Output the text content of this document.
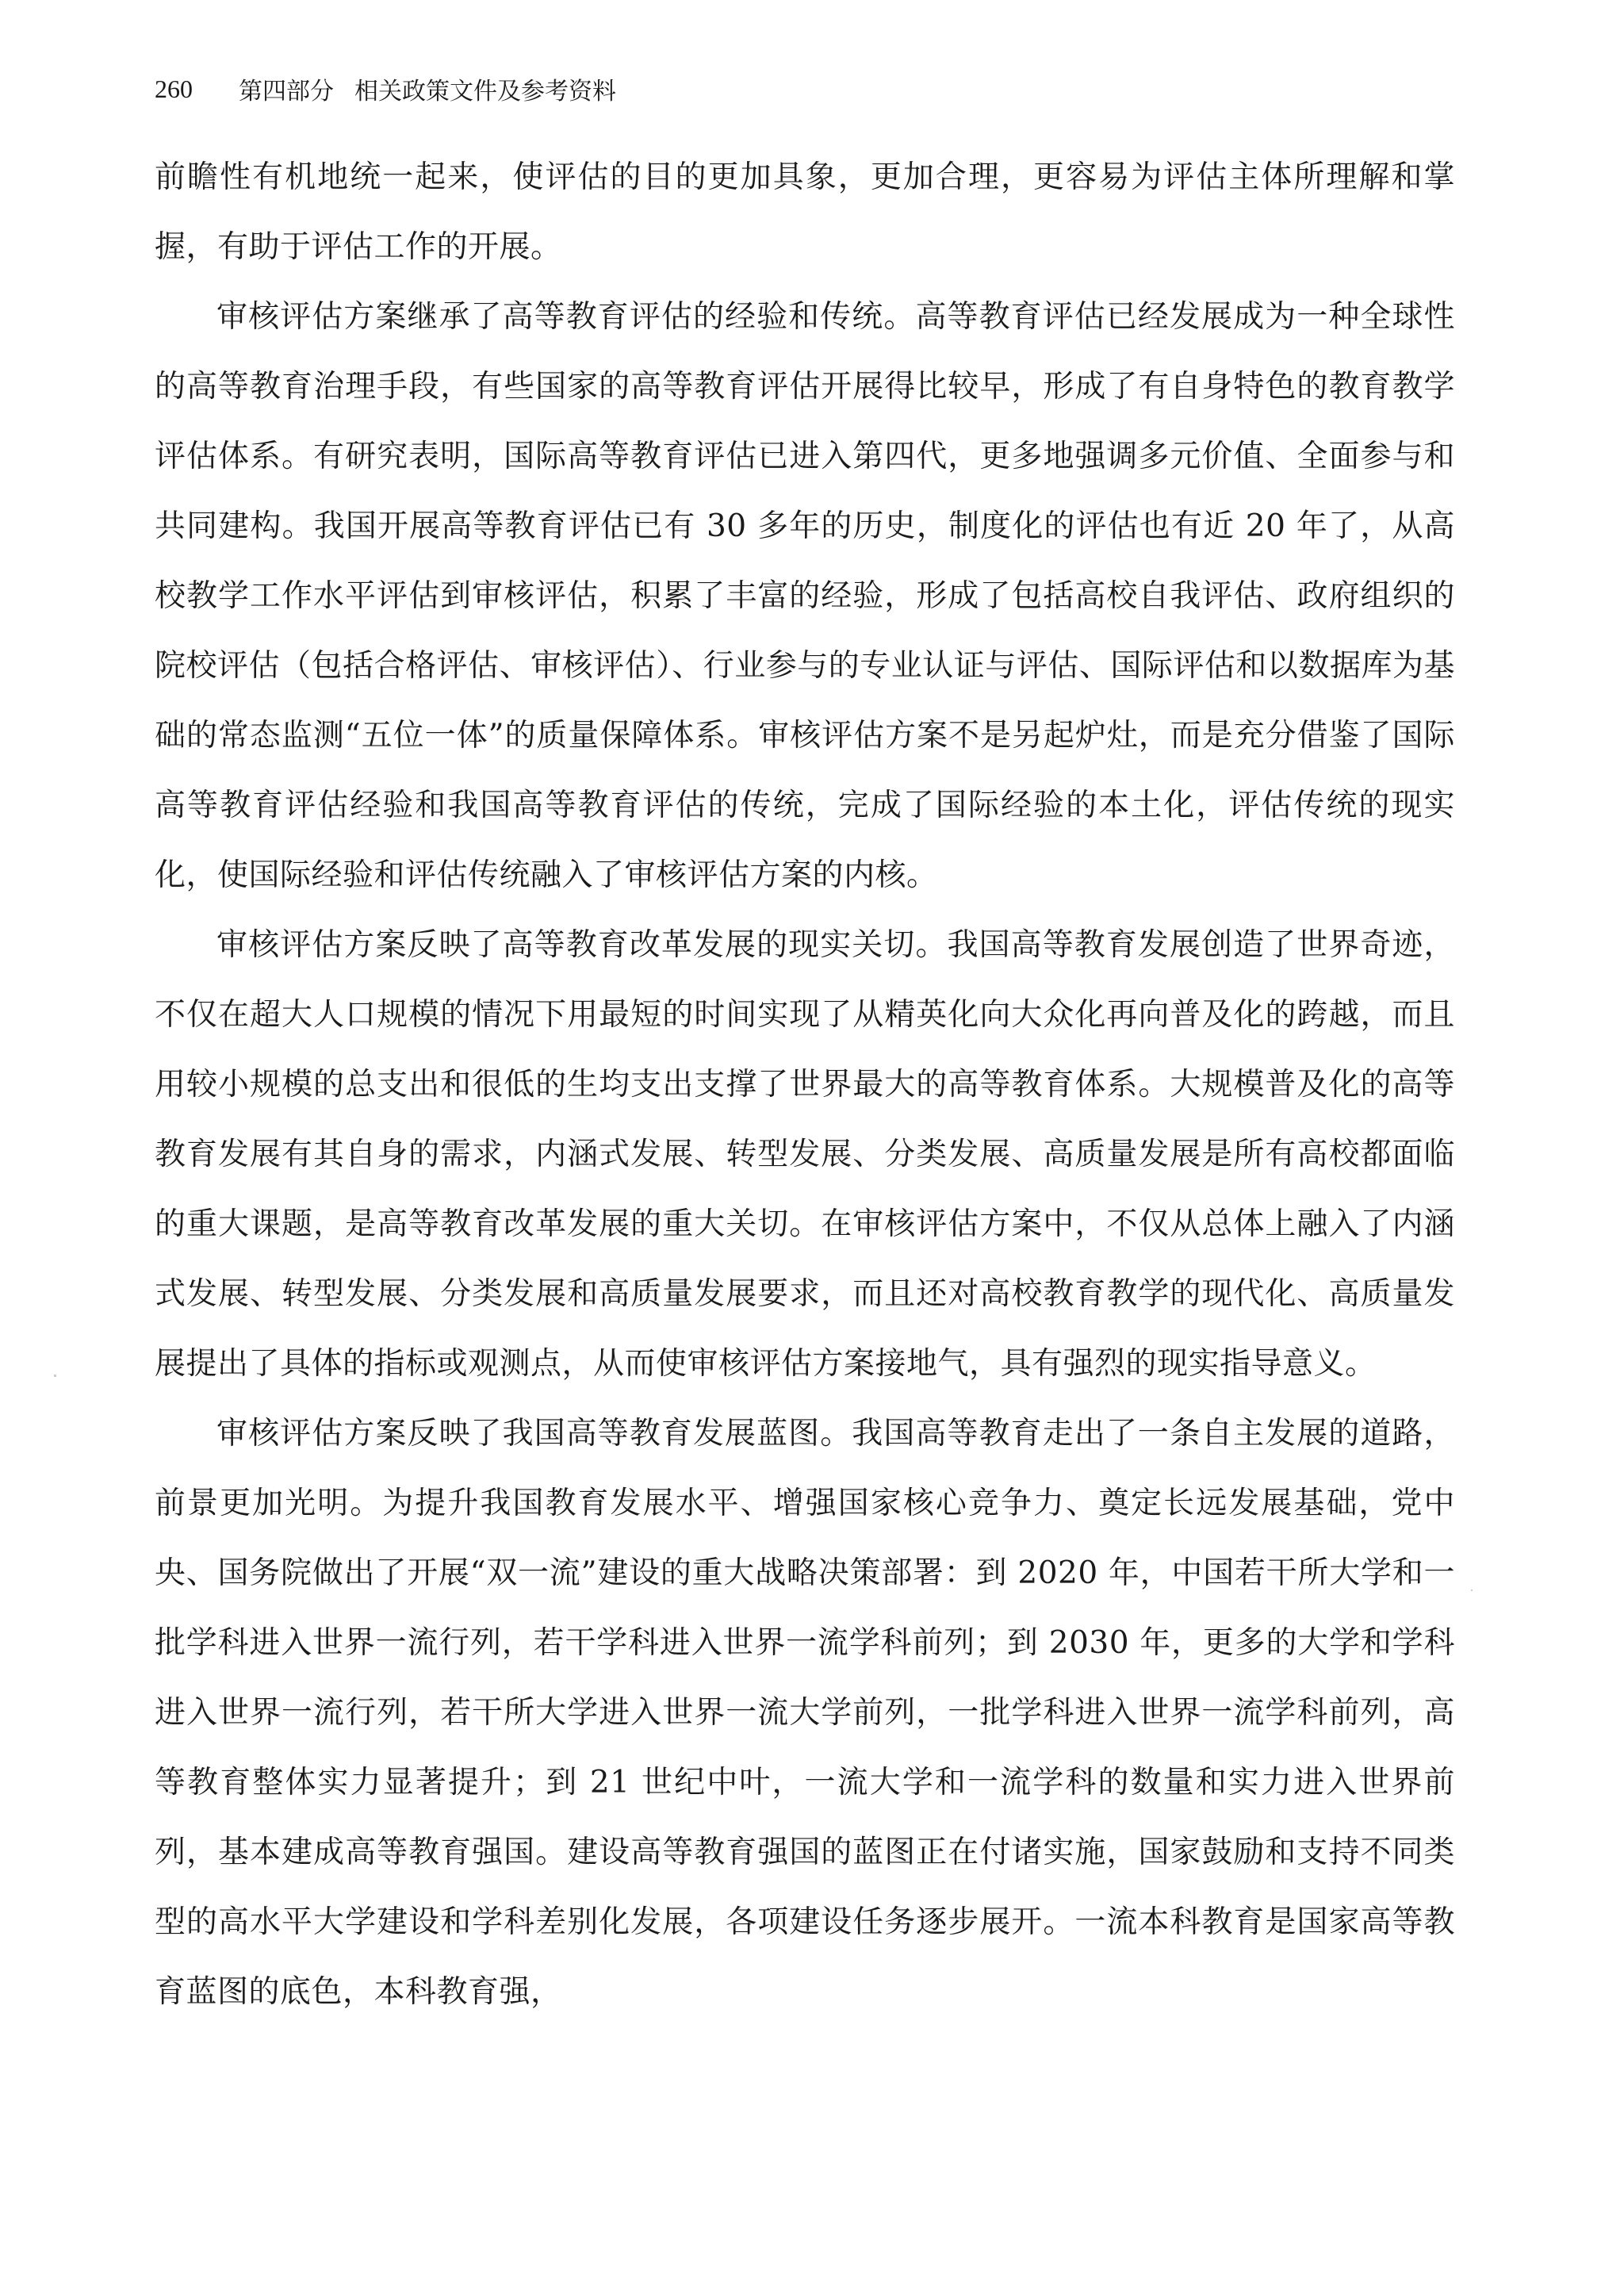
260 第四部分 相关政策文件及参考资料

前瞻性有机地统一起来，使评估的目的更加具象，更加合理，更容易为评估主体所理解和掌握，有助于评估工作的开展。

审核评估方案继承了高等教育评估的经验和传统。高等教育评估已经发展成为一种全球性的高等教育治理手段，有些国家的高等教育评估开展得比较早，形成了有自身特色的教育教学评估体系。有研究表明，国际高等教育评估已进入第四代，更多地强调多元价值、全面参与和共同建构。我国开展高等教育评估已有 30 多年的历史，制度化的评估也有近 20 年了，从高校教学工作水平评估到审核评估，积累了丰富的经验，形成了包括高校自我评估、政府组织的院校评估（包括合格评估、审核评估）、行业参与的专业认证与评估、国际评估和以数据库为基础的常态监测“五位一体”的质量保障体系。审核评估方案不是另起炉灶，而是充分借鉴了国际高等教育评估经验和我国高等教育评估的传统，完成了国际经验的本土化，评估传统的现实化，使国际经验和评估传统融入了审核评估方案的内核。

审核评估方案反映了高等教育改革发展的现实关切。我国高等教育发展创造了世界奇迹，不仅在超大人口规模的情况下用最短的时间实现了从精英化向大众化再向普及化的跨越，而且用较小规模的总支出和很低的生均支出支撑了世界最大的高等教育体系。大规模普及化的高等教育发展有其自身的需求，内涵式发展、转型发展、分类发展、高质量发展是所有高校都面临的重大课题，是高等教育改革发展的重大关切。在审核评估方案中，不仅从总体上融入了内涵式发展、转型发展、分类发展和高质量发展要求，而且还对高校教育教学的现代化、高质量发展提出了具体的指标或观测点，从而使审核评估方案接地气，具有强烈的现实指导意义。

审核评估方案反映了我国高等教育发展蓝图。我国高等教育走出了一条自主发展的道路，前景更加光明。为提升我国教育发展水平、增强国家核心竞争力、奠定长远发展基础，党中央、国务院做出了开展“双一流”建设的重大战略决策部署：到 2020 年，中国若干所大学和一批学科进入世界一流行列，若干学科进入世界一流学科前列；到 2030 年，更多的大学和学科进入世界一流行列，若干所大学进入世界一流大学前列，一批学科进入世界一流学科前列，高等教育整体实力显著提升；到 21 世纪中叶，一流大学和一流学科的数量和实力进入世界前列，基本建成高等教育强国。建设高等教育强国的蓝图正在付诸实施，国家鼓励和支持不同类型的高水平大学建设和学科差别化发展，各项建设任务逐步展开。一流本科教育是国家高等教育蓝图的底色，本科教育强，
